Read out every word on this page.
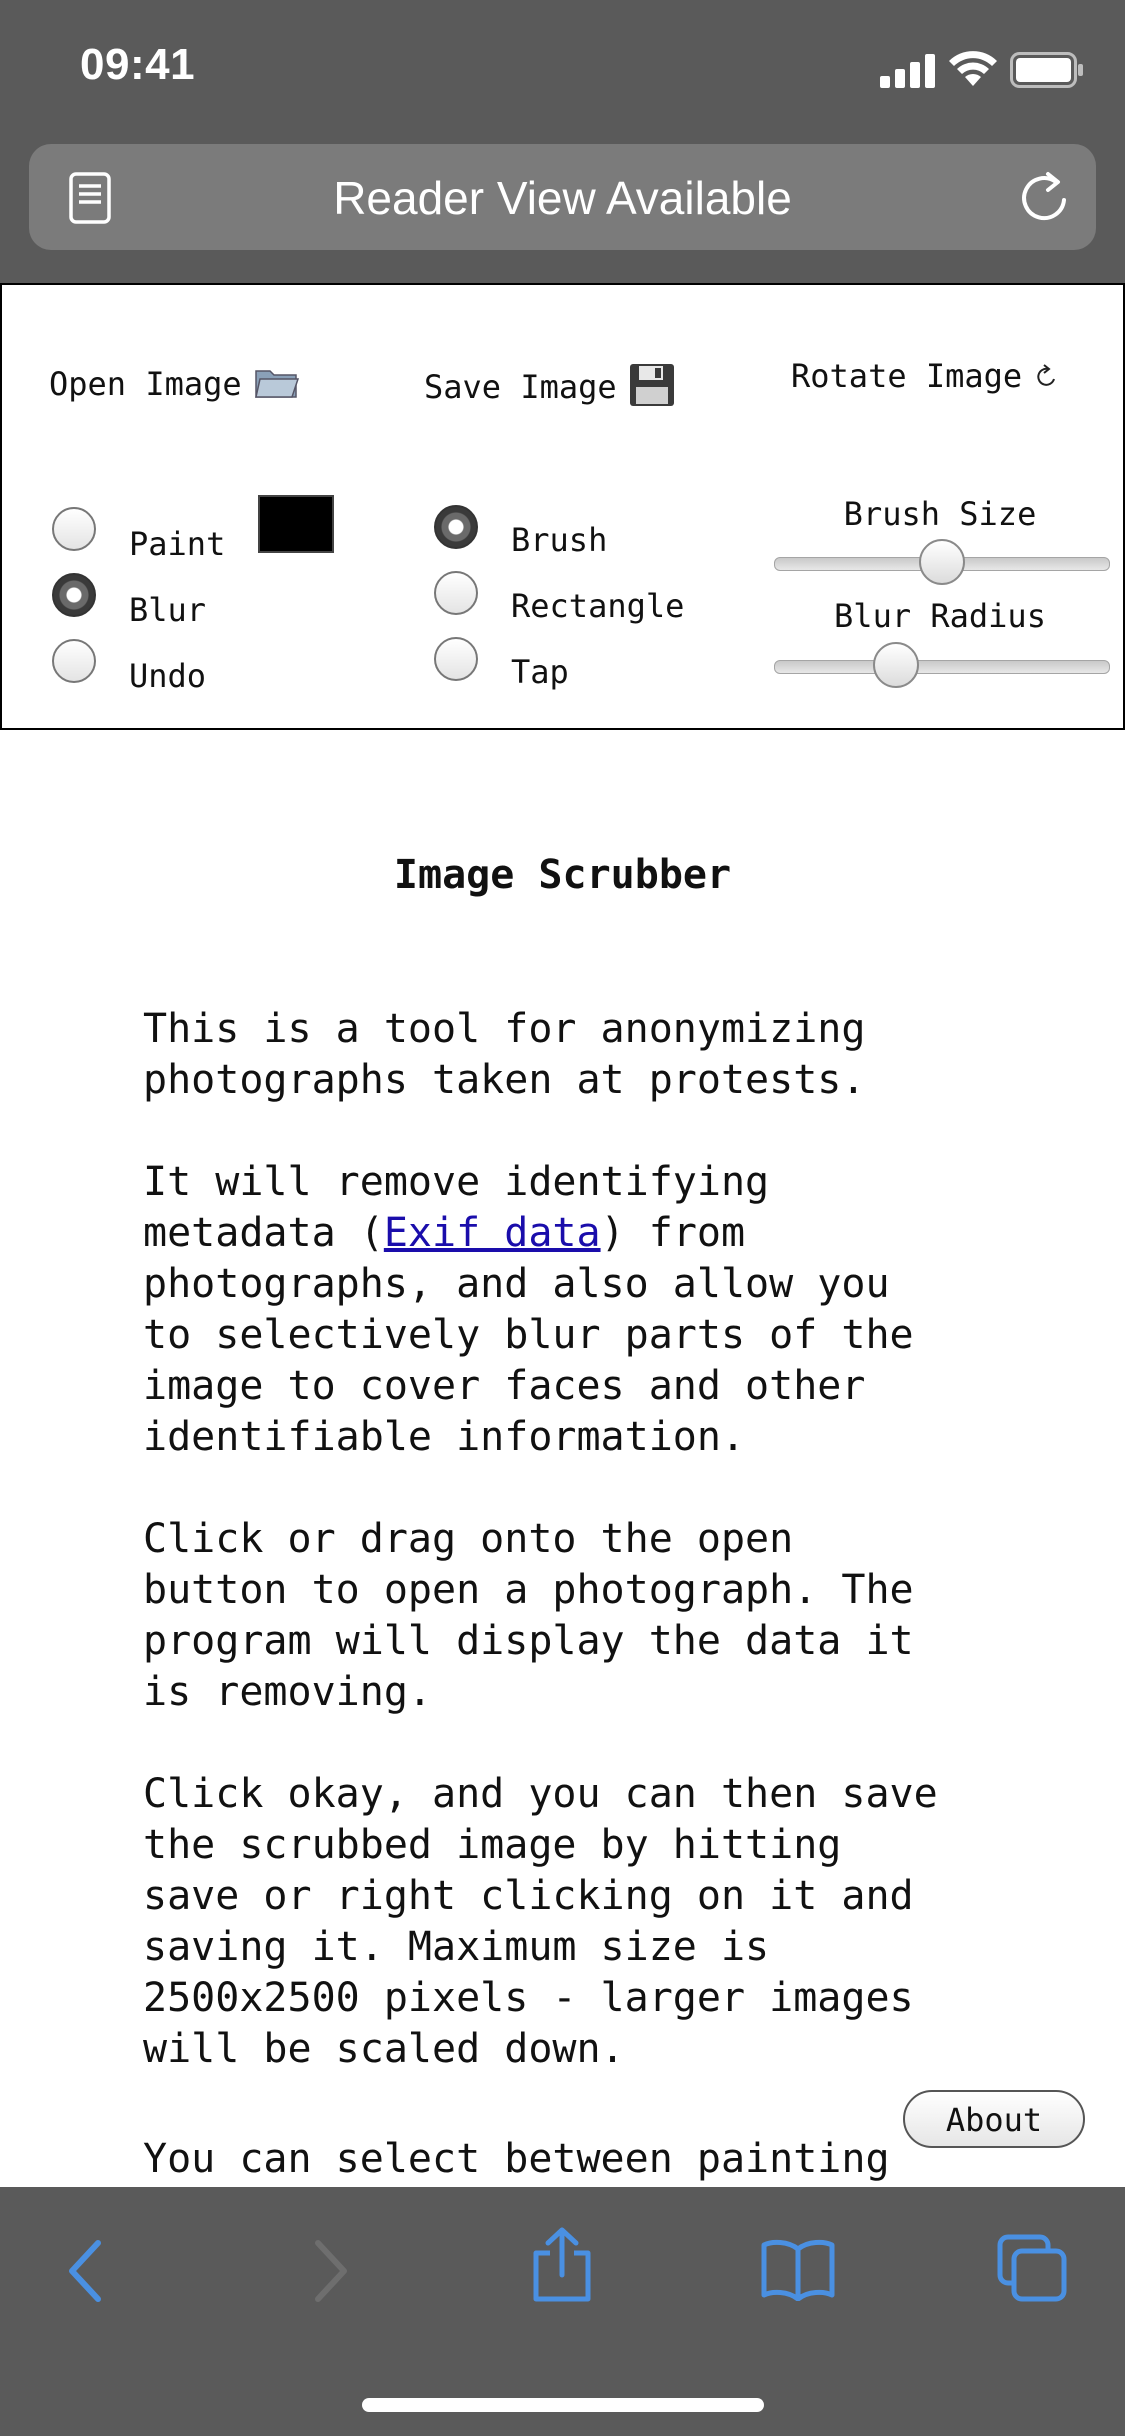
09:41
Reader View Available
Open Image	Save Image	Rotate Image
Paint
Blur
Undo
Brush
Rectangle
Tap
Brush Size
Blur Radius
Image Scrubber
This is a tool for anonymizing
photographs taken at protests.
It will remove identifying
metadata (Exif data) from
photographs, and also allow you
to selectively blur parts of the
image to cover faces and other
identifiable information.
Click or drag onto the open
button to open a photograph. The
program will display the data it
is removing.
Click okay, and you can then save
the scrubbed image by hitting
save or right clicking on it and
saving it. Maximum size is
2500x2500 pixels - larger images
will be scaled down.
You can select between painting
About
